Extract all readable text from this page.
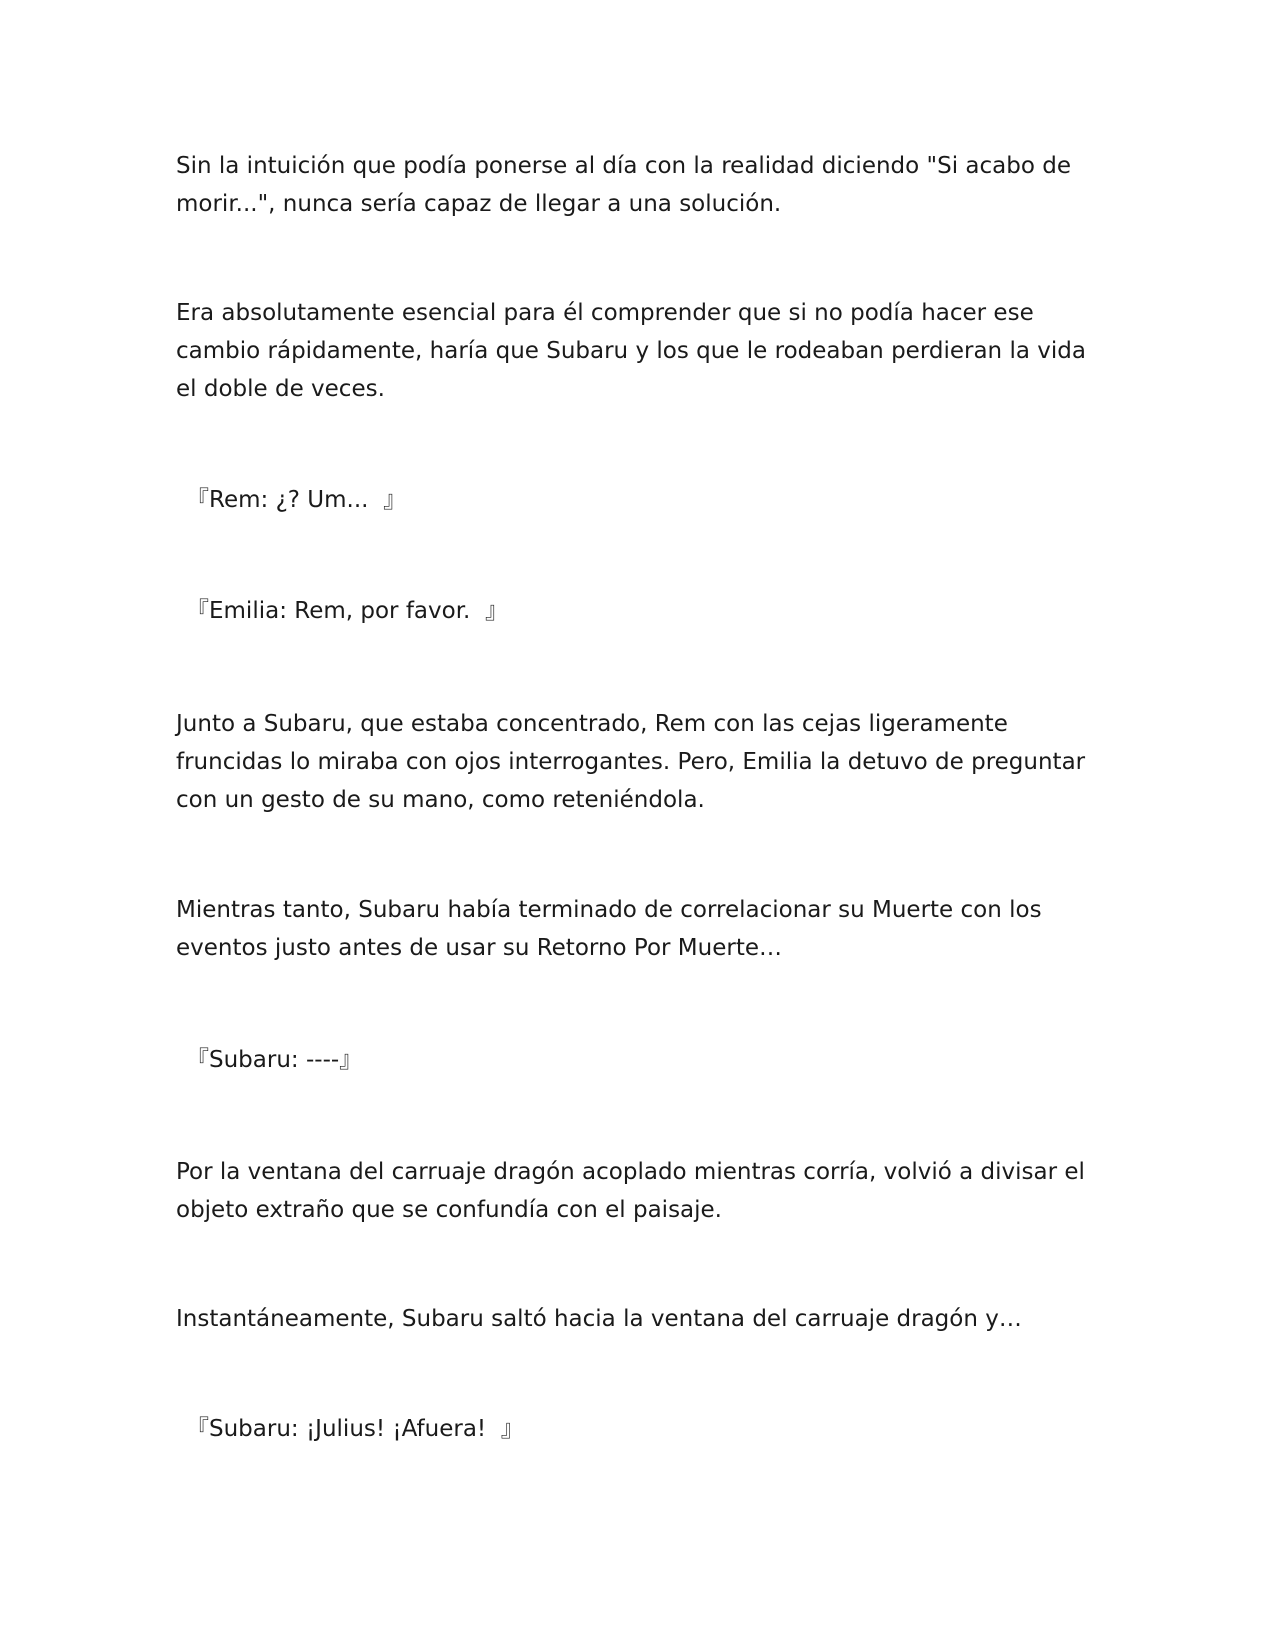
Sin la intuición que podía ponerse al día con la realidad diciendo "Si acabo de morir...", nunca sería capaz de llegar a una solución.

Era absolutamente esencial para él comprender que si no podía hacer ese cambio rápidamente, haría que Subaru y los que le rodeaban perdieran la vida el doble de veces.

『Rem: ¿? Um...  』

『Emilia: Rem, por favor.  』

Junto a Subaru, que estaba concentrado, Rem con las cejas ligeramente fruncidas lo miraba con ojos interrogantes. Pero, Emilia la detuvo de preguntar con un gesto de su mano, como reteniéndola.

Mientras tanto, Subaru había terminado de correlacionar su Muerte con los eventos justo antes de usar su Retorno Por Muerte…

『Subaru: ----』

Por la ventana del carruaje dragón acoplado mientras corría, volvió a divisar el objeto extraño que se confundía con el paisaje.

Instantáneamente, Subaru saltó hacia la ventana del carruaje dragón y…

『Subaru: ¡Julius! ¡Afuera!  』
